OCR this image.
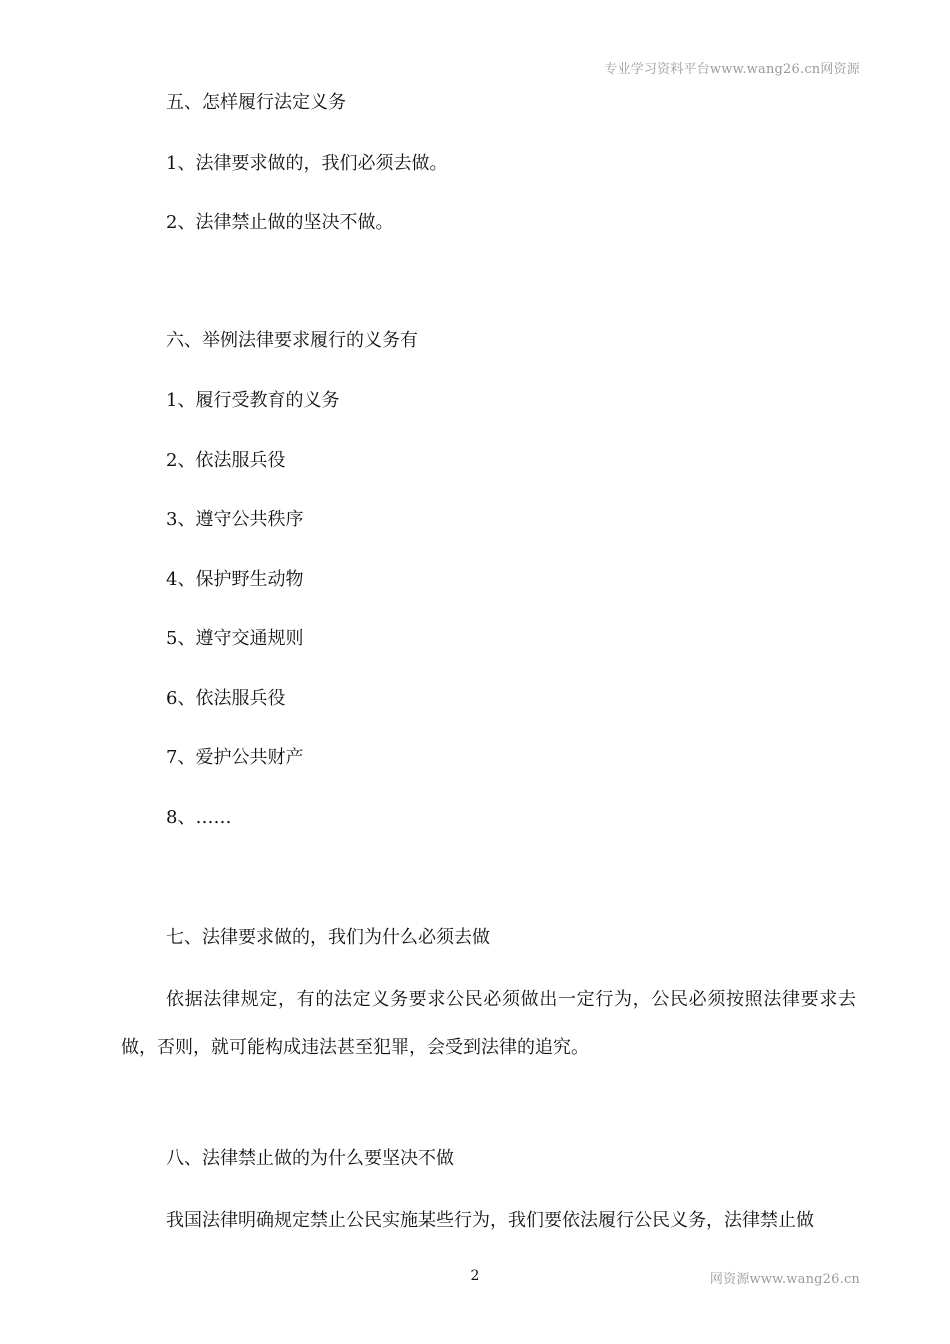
专业学习资料平台www.wang26.cn网资源
五、怎样履行法定义务
1、法律要求做的，我们必须去做。
2、法律禁止做的坚决不做。
六、举例法律要求履行的义务有
1、履行受教育的义务
2、依法服兵役
3、遵守公共秩序
4、保护野生动物
5、遵守交通规则
6、依法服兵役
7、爱护公共财产
8、……
七、法律要求做的，我们为什么必须去做
依据法律规定，有的法定义务要求公民必须做出一定行为，公民必须按照法律要求去做，否则，就可能构成违法甚至犯罪，会受到法律的追究。
八、法律禁止做的为什么要坚决不做
我国法律明确规定禁止公民实施某些行为，我们要依法履行公民义务，法律禁止做
2	网资源www.wang26.cn
